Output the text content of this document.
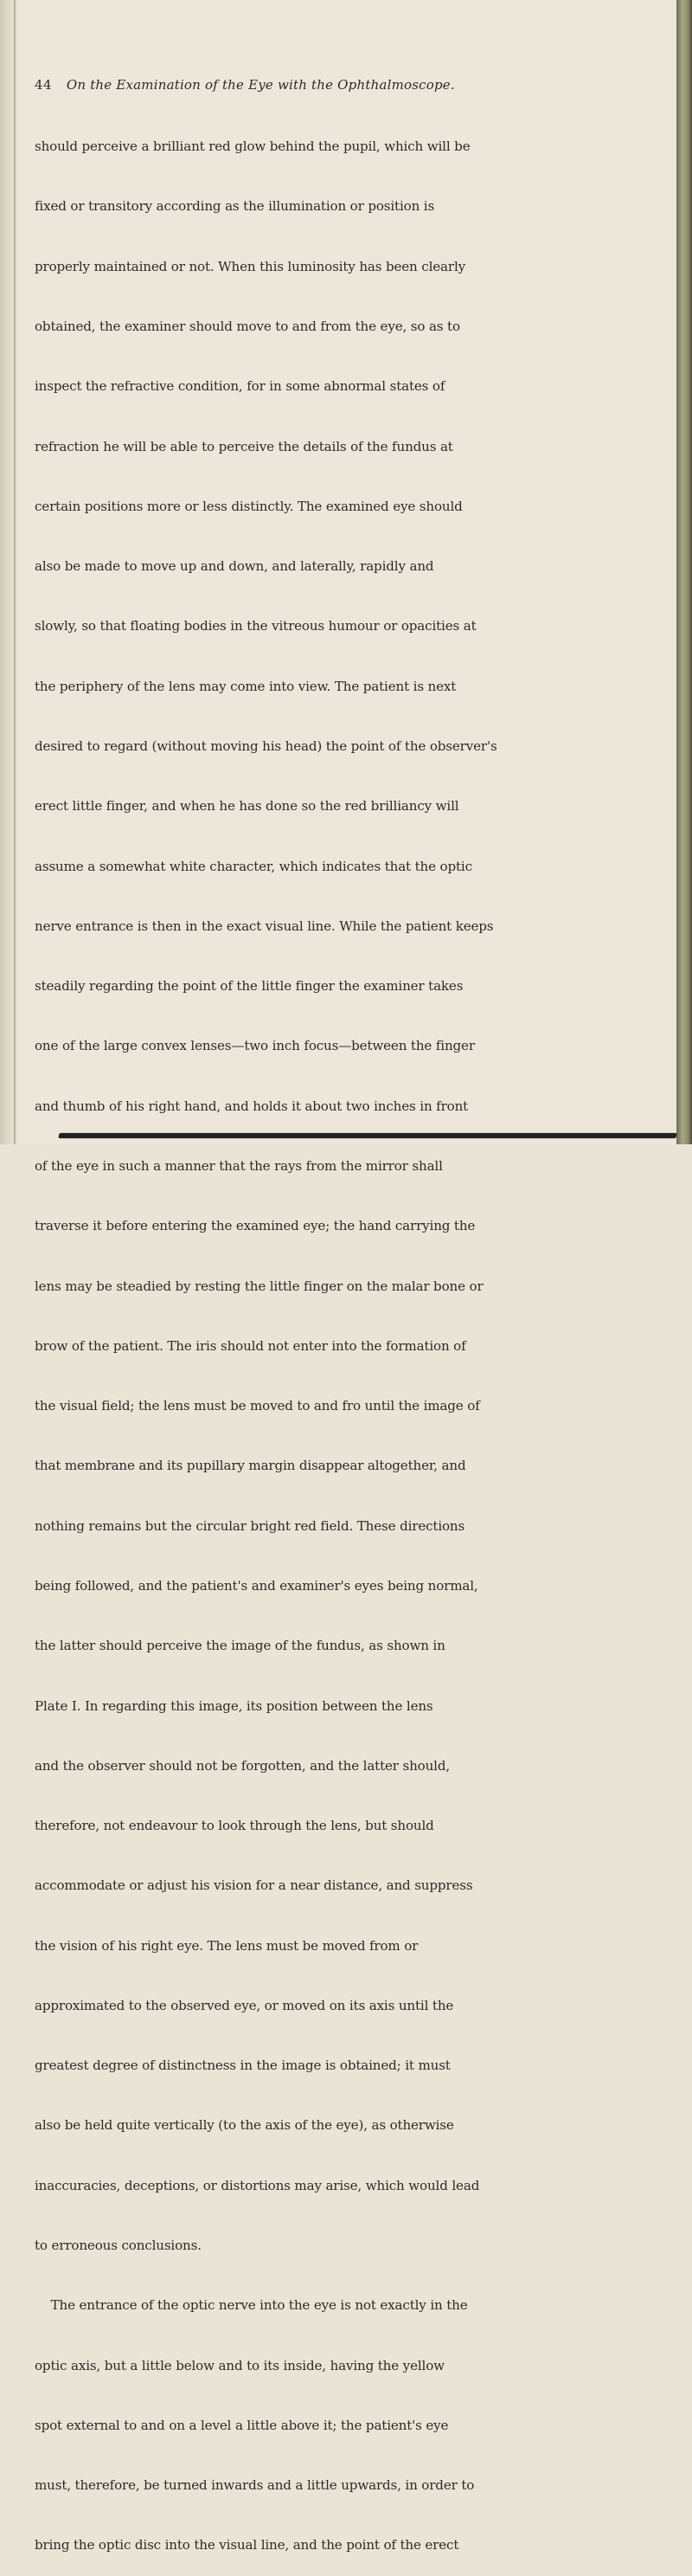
44 On the Examination of the Eye with the Ophthalmoscope.

should perceive a brilliant red glow behind the pupil, which will be

fixed or transitory according as the illumination or position is

properly maintained or not. When this luminosity has been clearly

obtained, the examiner should move to and from the eye, so as to

inspect the refractive condition, for in some abnormal states of

refraction he will be able to perceive the details of the fundus at

certain positions more or less distinctly. The examined eye should

also be made to move up and down, and laterally, rapidly and

slowly, so that floating bodies in the vitreous humour or opacities at

the periphery of the lens may come into view. The patient is next

desired to regard (without moving his head) the point of the observer's

erect little finger, and when he has done so the red brilliancy will

assume a somewhat white character, which indicates that the optic

nerve entrance is then in the exact visual line. While the patient keeps

steadily regarding the point of the little finger the examiner takes

one of the large convex lenses—two inch focus—between the finger

and thumb of his right hand, and holds it about two inches in front

of the eye in such a manner that the rays from the mirror shall

traverse it before entering the examined eye; the hand carrying the

lens may be steadied by resting the little finger on the malar bone or

brow of the patient. The iris should not enter into the formation of

the visual field; the lens must be moved to and fro until the image of

that membrane and its pupillary margin disappear altogether, and

nothing remains but the circular bright red field. These directions

being followed, and the patient's and examiner's eyes being normal,

the latter should perceive the image of the fundus, as shown in

Plate I. In regarding this image, its position between the lens

and the observer should not be forgotten, and the latter should,

therefore, not endeavour to look through the lens, but should

accommodate or adjust his vision for a near distance, and suppress

the vision of his right eye. The lens must be moved from or

approximated to the observed eye, or moved on its axis until the

greatest degree of distinctness in the image is obtained; it must

also be held quite vertically (to the axis of the eye), as otherwise

inaccuracies, deceptions, or distortions may arise, which would lead

to erroneous conclusions.

The entrance of the optic nerve into the eye is not exactly in the

optic axis, but a little below and to its inside, having the yellow

spot external to and on a level a little above it; the patient's eye

must, therefore, be turned inwards and a little upwards, in order to

bring the optic disc into the visual line, and the point of the erect
